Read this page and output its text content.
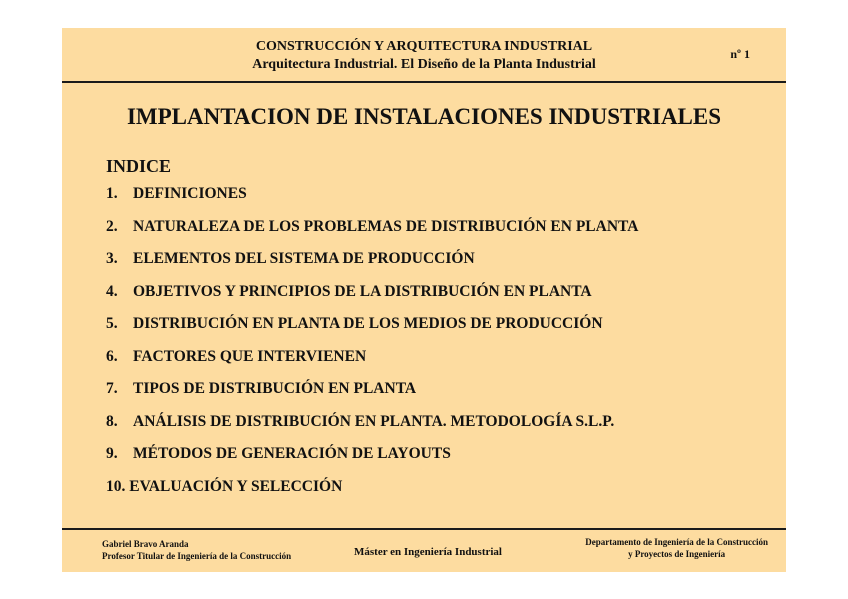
CONSTRUCCIÓN Y ARQUITECTURA INDUSTRIAL
Arquitectura Industrial. El Diseño de la Planta Industrial
nº 1
IMPLANTACION DE INSTALACIONES INDUSTRIALES
INDICE
1. DEFINICIONES
2. NATURALEZA DE LOS PROBLEMAS DE DISTRIBUCIÓN EN PLANTA
3. ELEMENTOS DEL SISTEMA DE PRODUCCIÓN
4. OBJETIVOS Y PRINCIPIOS DE LA DISTRIBUCIÓN EN PLANTA
5. DISTRIBUCIÓN EN PLANTA DE LOS MEDIOS DE PRODUCCIÓN
6. FACTORES QUE INTERVIENEN
7. TIPOS DE DISTRIBUCIÓN EN PLANTA
8. ANÁLISIS DE DISTRIBUCIÓN EN PLANTA. METODOLOGÍA S.L.P.
9. MÉTODOS DE GENERACIÓN DE LAYOUTS
10. EVALUACIÓN Y SELECCIÓN
Gabriel Bravo Aranda
Profesor Titular de Ingeniería de la Construcción	Máster en Ingeniería Industrial
Departamento de Ingeniería de la Construcción
y Proyectos de Ingeniería
